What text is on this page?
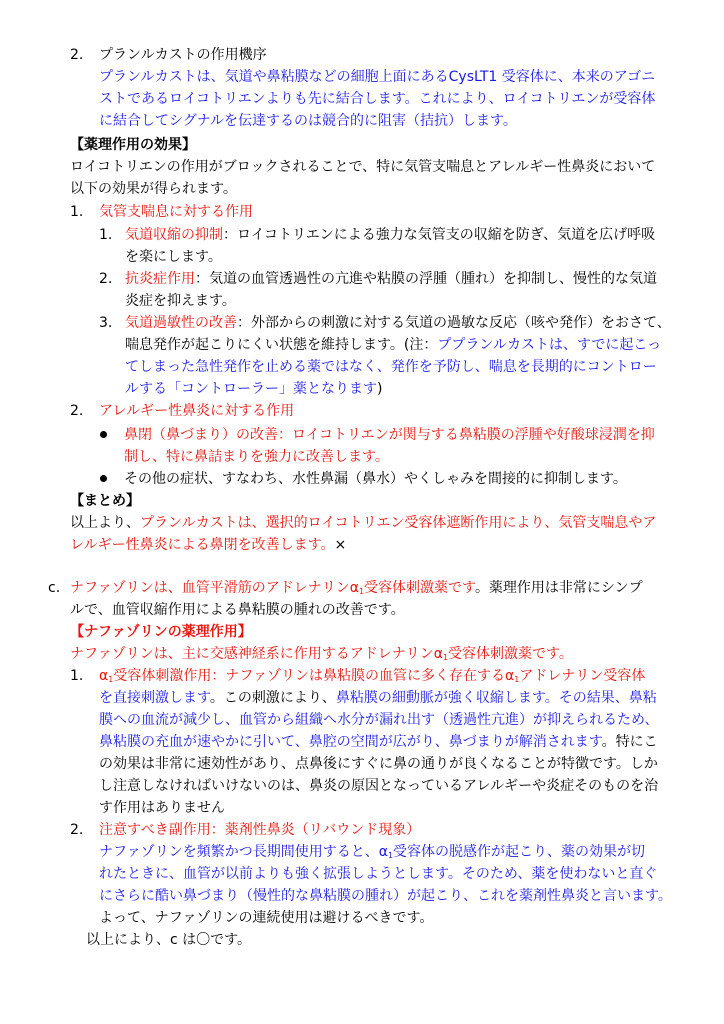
2. プランルカストの作用機序
プランルカストは、気道や鼻粘膜などの細胞上面にあるCysLT1 受容体に、本来のアゴニ
ストであるロイコトリエンよりも先に結合します。これにより、ロイコトリエンが受容体
に結合してシグナルを伝達するのは競合的に阻害（拮抗）します。
【薬理作用の効果】
ロイコトリエンの作用がブロックされることで、特に気管支喘息とアレルギー性鼻炎において
以下の効果が得られます。
1. 気管支喘息に対する作用
1. 気道収縮の抑制：ロイコトリエンによる強力な気管支の収縮を防ぎ、気道を広げ呼吸
を楽にします。
2. 抗炎症作用：気道の血管透過性の亢進や粘膜の浮腫（腫れ）を抑制し、慢性的な気道
炎症を抑えます。
3. 気道過敏性の改善：外部からの刺激に対する気道の過敏な反応（咳や発作）をおさて、
喘息発作が起こりにくい状態を維持します。(注：ププランルカストは、すでに起こっ
てしまった急性発作を止める薬ではなく、発作を予防し、喘息を長期的にコントロー
ルする「コントローラー」薬となります)
2. アレルギー性鼻炎に対する作用
鼻閉（鼻づまり）の改善：ロイコトリエンが関与する鼻粘膜の浮腫や好酸球浸潤を抑
制し、特に鼻詰まりを強力に改善します。
その他の症状、すなわち、水性鼻漏（鼻水）やくしゃみを間接的に抑制します。
【まとめ】
以上より、プランルカストは、選択的ロイコトリエン受容体遮断作用により、気管支喘息やア
レルギー性鼻炎による鼻閉を改善します。×
c. ナファゾリンは、血管平滑筋のアドレナリン$\alpha_1$受容体刺激薬です。薬理作用は非常にシンプ
ルで、血管収縮作用による鼻粘膜の腫れの改善です。
【ナファゾリンの薬理作用】
ナファゾリンは、主に交感神経系に作用するアドレナリン$\alpha_1$受容体刺激薬です。
1. $\alpha_1$受容体刺激作用：ナファゾリンは鼻粘膜の血管に多く存在する$\alpha_1$アドレナリン受容体
を直接刺激します。この刺激により、鼻粘膜の細動脈が強く収縮します。その結果、鼻粘
膜への血流が減少し、血管から組織へ水分が漏れ出す（透過性亢進）が抑えられるため、
鼻粘膜の充血が速やかに引いて、鼻腔の空間が広がり、鼻づまりが解消されます。特にこ
の効果は非常に速効性があり、点鼻後にすぐに鼻の通りが良くなることが特徴です。しか
し注意しなければいけないのは、鼻炎の原因となっているアレルギーや炎症そのものを治
す作用はありません
2. 注意すべき副作用：薬剤性鼻炎（リバウンド現象）
ナファゾリンを頻繁かつ長期間使用すると、$\alpha_1$受容体の脱感作が起こり、薬の効果が切
れたときに、血管が以前よりも強く拡張しようとします。そのため、薬を使わないと直ぐ
にさらに酷い鼻づまり（慢性的な鼻粘膜の腫れ）が起こり、これを薬剤性鼻炎と言います。
よって、ナファゾリンの連続使用は避けるべきです。
以上により、c は〇です。
